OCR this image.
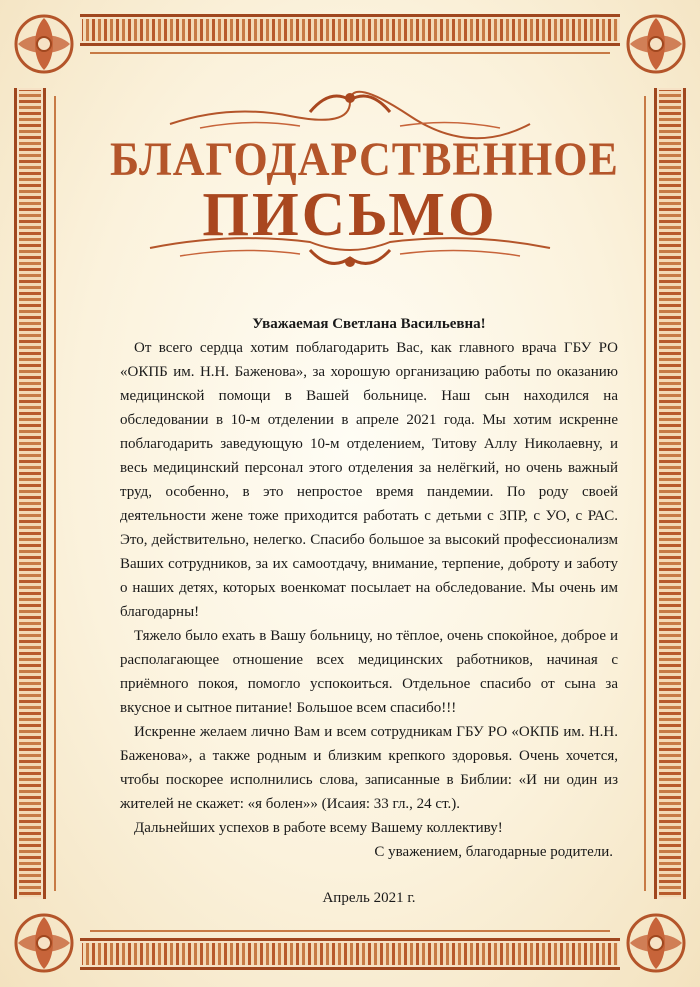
БЛАГОДАРСТВЕННОЕ
ПИСЬМО
Уважаемая Светлана Васильевна!

От всего сердца хотим поблагодарить Вас, как главного врача ГБУ РО «ОКПБ им. Н.Н. Баженова», за хорошую организацию работы по оказанию медицинской помощи в Вашей больнице. Наш сын находился на обследовании в 10-м отделении в апреле 2021 года. Мы хотим искренне поблагодарить заведующую 10-м отделением, Титову Аллу Николаевну, и весь медицинский персонал этого отделения за нелёгкий, но очень важный труд, особенно, в это непростое время пандемии. По роду своей деятельности жене тоже приходится работать с детьми с ЗПР, с УО, с РАС. Это, действительно, нелегко. Спасибо большое за высокий профессионализм Ваших сотрудников, за их самоотдачу, внимание, терпение, доброту и заботу о наших детях, которых военкомат посылает на обследование. Мы очень им благодарны!

Тяжело было ехать в Вашу больницу, но тёплое, очень спокойное, доброе и располагающее отношение всех медицинских работников, начиная с приёмного покоя, помогло успокоиться. Отдельное спасибо от сына за вкусное и сытное питание! Большое всем спасибо!!!

Искренне желаем лично Вам и всем сотрудникам ГБУ РО «ОКПБ им. Н.Н. Баженова», а также родным и близким крепкого здоровья. Очень хочется, чтобы поскорее исполнились слова, записанные в Библии: «И ни один из жителей не скажет: «я болен»» (Исаия: 33 гл., 24 ст.).

Дальнейших успехов в работе всему Вашему коллективу!

С уважением, благодарные родители.

Апрель 2021 г.
